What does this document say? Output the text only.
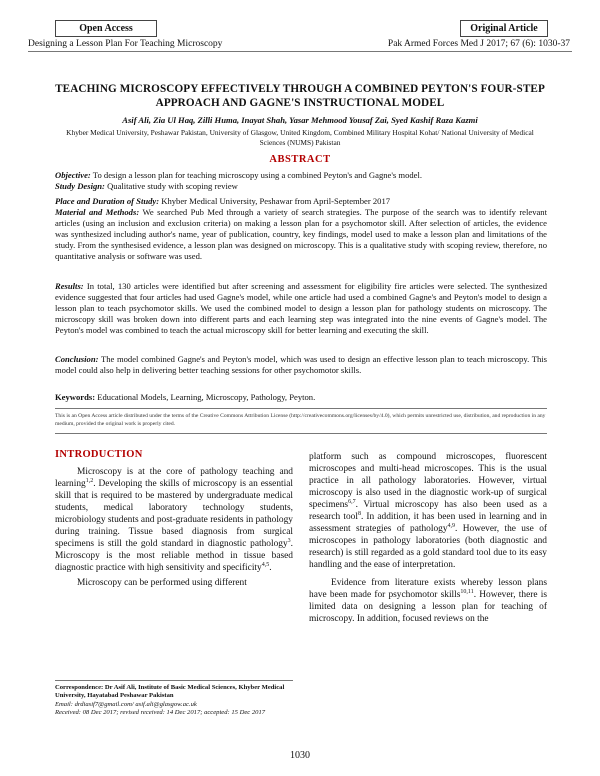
Open Access	Original Article
Designing a Lesson Plan For Teaching Microscopy	Pak Armed Forces Med J 2017; 67 (6): 1030-37
TEACHING MICROSCOPY EFFECTIVELY THROUGH A COMBINED PEYTON'S FOUR-STEP APPROACH AND GAGNE'S INSTRUCTIONAL MODEL
Asif Ali, Zia Ul Haq, Zilli Huma, Inayat Shah, Yasar Mehmood Yousaf Zai, Syed Kashif Raza Kazmi
Khyber Medical University, Peshawar Pakistan, University of Glasgow, United Kingdom, Combined Military Hospital Kohat/ National University of Medical Sciences (NUMS) Pakistan
ABSTRACT
Objective: To design a lesson plan for teaching microscopy using a combined Peyton's and Gagne's model.
Study Design: Qualitative study with scoping review
Place and Duration of Study: Khyber Medical University, Peshawar from April-September 2017
Material and Methods: We searched Pub Med through a variety of search strategies. The purpose of the search was to identify relevant articles (using an inclusion and exclusion criteria) on making a lesson plan for a psychomotor skill. After selection of articles, the evidence was synthesized including author's name, year of publication, country, key findings, model used to make a lesson plan and limitations of the study. From the synthesised evidence, a lesson plan was designed on microscopy. This is a qualitative study with scoping review, therefore, no quantitative analysis or software was used.
Results: In total, 130 articles were identified but after screening and assessment for eligibility fire articles were selected. The synthesized evidence suggested that four articles had used Gagne's model, while one article had used a combined Gagne's and Peyton's model to design a lesson plan to teach psychomotor skills. We used the combined model to design a lesson plan for pathology students on microscopy. The microscopy skill was broken down into different parts and each learning step was integrated into the nine events of Gagne's model. The Peyton's model was combined to teach the actual microscopy skill for better learning and executing the skill.
Conclusion: The model combined Gagne's and Peyton's model, which was used to design an effective lesson plan to teach microscopy. This model could also help in delivering better teaching sessions for other psychomotor skills.
Keywords: Educational Models, Learning, Microscopy, Pathology, Peyton.
This is an Open Access article distributed under the terms of the Creative Commons Attribution License (http://creativecommons.org/licenses/by/4.0), which permits unrestricted use, distribution, and reproduction in any medium, provided the original work is properly cited.
INTRODUCTION

Microscopy is at the core of pathology teaching and learning$^{1,2}$. Developing the skills of microscopy is an essential skill that is required to be mastered by undergraduate medical students, medical laboratory technology students, microbiology students and post-graduate residents in pathology during training. Tissue based diagnosis from surgical specimens is still the gold standard in diagnostic pathology$^3$. Microscopy is the most reliable method in tissue based diagnostic practice with high sensitivity and specificity$^{4,5}$.

Microscopy can be performed using different

platform such as compound microscopes, fluorescent microscopes and multi-head microscopes. This is the usual practice in all pathology laboratories. However, virtual microscopy is also used in the diagnostic work-up of surgical specimens$^{6,7}$. Virtual microscopy has also been used as a research tool$^8$. In addition, it has been used in learning and in assessment strategies of pathology$^{4,9}$. However, the use of microscopes in pathology laboratories (both diagnostic and research) is still regarded as a gold standard tool due to its easy handling and the ease of interpretation.

Evidence from literature exists whereby lesson plans have been made for psychomotor skills$^{10,11}$. However, there is limited data on designing a lesson plan for teaching of microscopy. In addition, focused reviews on the

Correspondence: Dr Asif Ali, Institute of Basic Medical Sciences, Khyber Medical University, Hayatabad Peshawar Pakistan
Email: drdiasif7@gmail.com/ asif.ali@glasgow.ac.uk
Received: 08 Dec 2017; revised received: 14 Dec 2017; accepted: 15 Dec 2017
1030
